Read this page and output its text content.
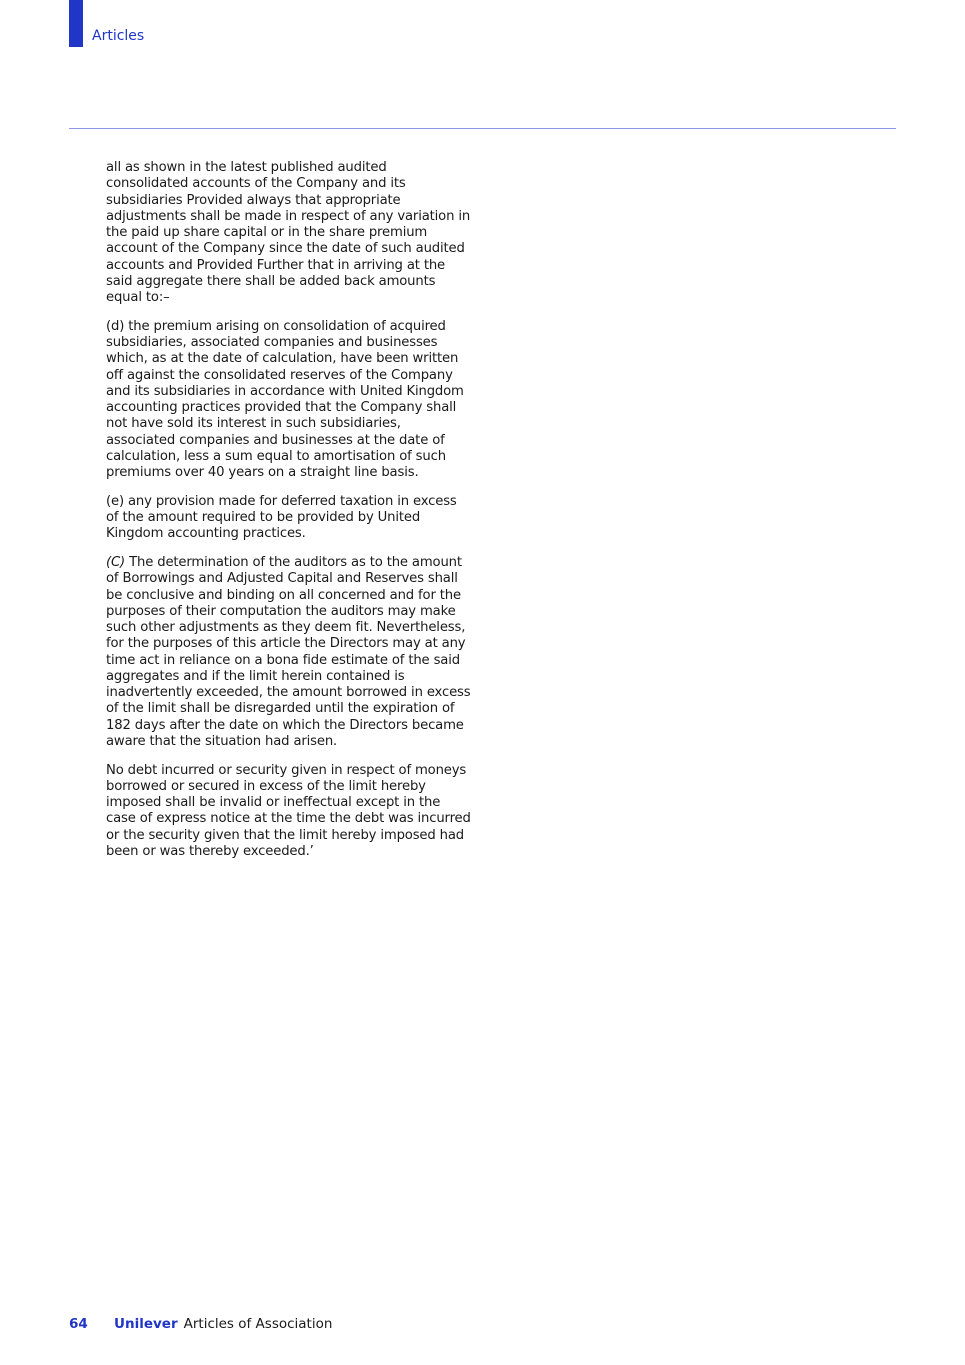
Articles

all as shown in the latest published audited consolidated accounts of the Company and its subsidiaries Provided always that appropriate adjustments shall be made in respect of any variation in the paid up share capital or in the share premium account of the Company since the date of such audited accounts and Provided Further that in arriving at the said aggregate there shall be added back amounts equal to:–

(d) the premium arising on consolidation of acquired subsidiaries, associated companies and businesses which, as at the date of calculation, have been written off against the consolidated reserves of the Company and its subsidiaries in accordance with United Kingdom accounting practices provided that the Company shall not have sold its interest in such subsidiaries, associated companies and businesses at the date of calculation, less a sum equal to amortisation of such premiums over 40 years on a straight line basis.

(e) any provision made for deferred taxation in excess of the amount required to be provided by United Kingdom accounting practices.

(C) The determination of the auditors as to the amount of Borrowings and Adjusted Capital and Reserves shall be conclusive and binding on all concerned and for the purposes of their computation the auditors may make such other adjustments as they deem fit. Nevertheless, for the purposes of this article the Directors may at any time act in reliance on a bona fide estimate of the said aggregates and if the limit herein contained is inadvertently exceeded, the amount borrowed in excess of the limit shall be disregarded until the expiration of 182 days after the date on which the Directors became aware that the situation had arisen.

No debt incurred or security given in respect of moneys borrowed or secured in excess of the limit hereby imposed shall be invalid or ineffectual except in the case of express notice at the time the debt was incurred or the security given that the limit hereby imposed had been or was thereby exceeded.’

64 Unilever Articles of Association
